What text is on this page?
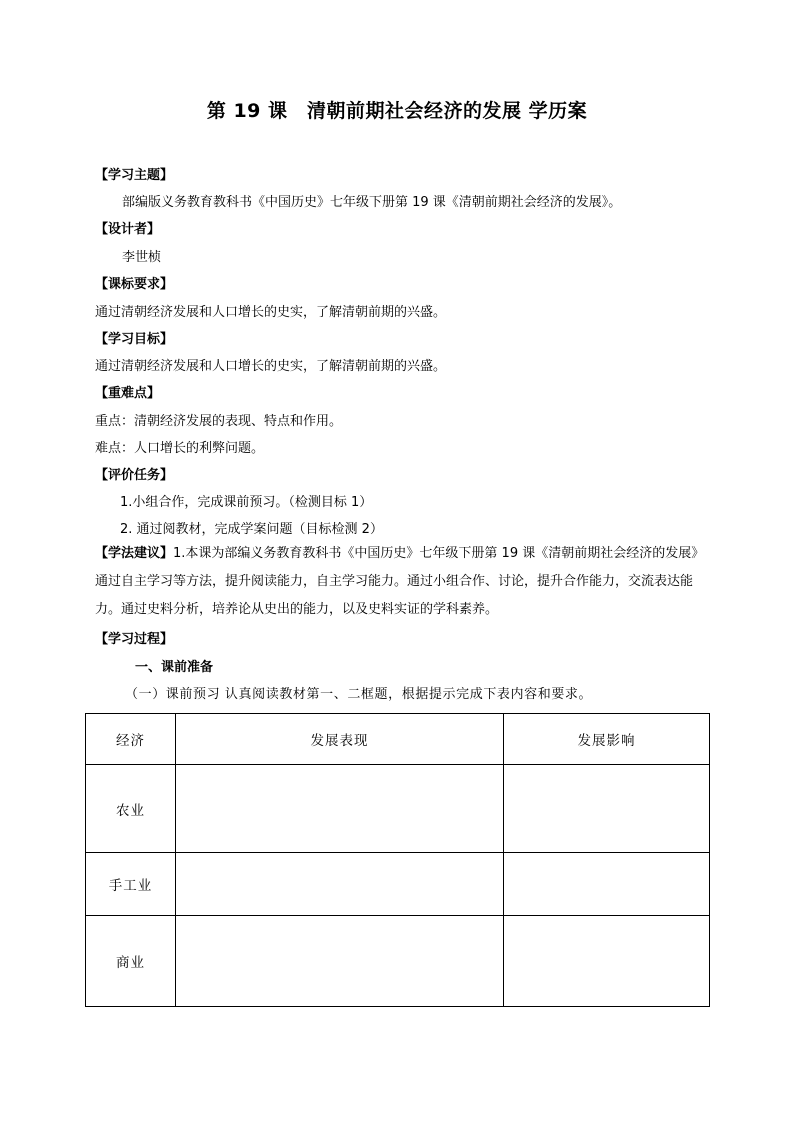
第 19 课　清朝前期社会经济的发展 学历案
【学习主题】
部编版义务教育教科书《中国历史》七年级下册第 19 课《清朝前期社会经济的发展》。
【设计者】
李世桢
【课标要求】
通过清朝经济发展和人口增长的史实，了解清朝前期的兴盛。
【学习目标】
通过清朝经济发展和人口增长的史实，了解清朝前期的兴盛。
【重难点】
重点：清朝经济发展的表现、特点和作用。
难点：人口增长的利弊问题。
【评价任务】
1.小组合作，完成课前预习。（检测目标 1）
2. 通过阅教材，完成学案问题（目标检测 2）
【学法建议】1.本课为部编义务教育教科书《中国历史》七年级下册第 19 课《清朝前期社会经济的发展》通过自主学习等方法，提升阅读能力，自主学习能力。通过小组合作、讨论，提升合作能力，交流表达能力。通过史料分析，培养论从史出的能力，以及史料实证的学科素养。
【学习过程】
一、课前准备
（一）课前预习 认真阅读教材第一、二框题，根据提示完成下表内容和要求。
经济	发展表现	发展影响
农业		
手工业		
商业		
